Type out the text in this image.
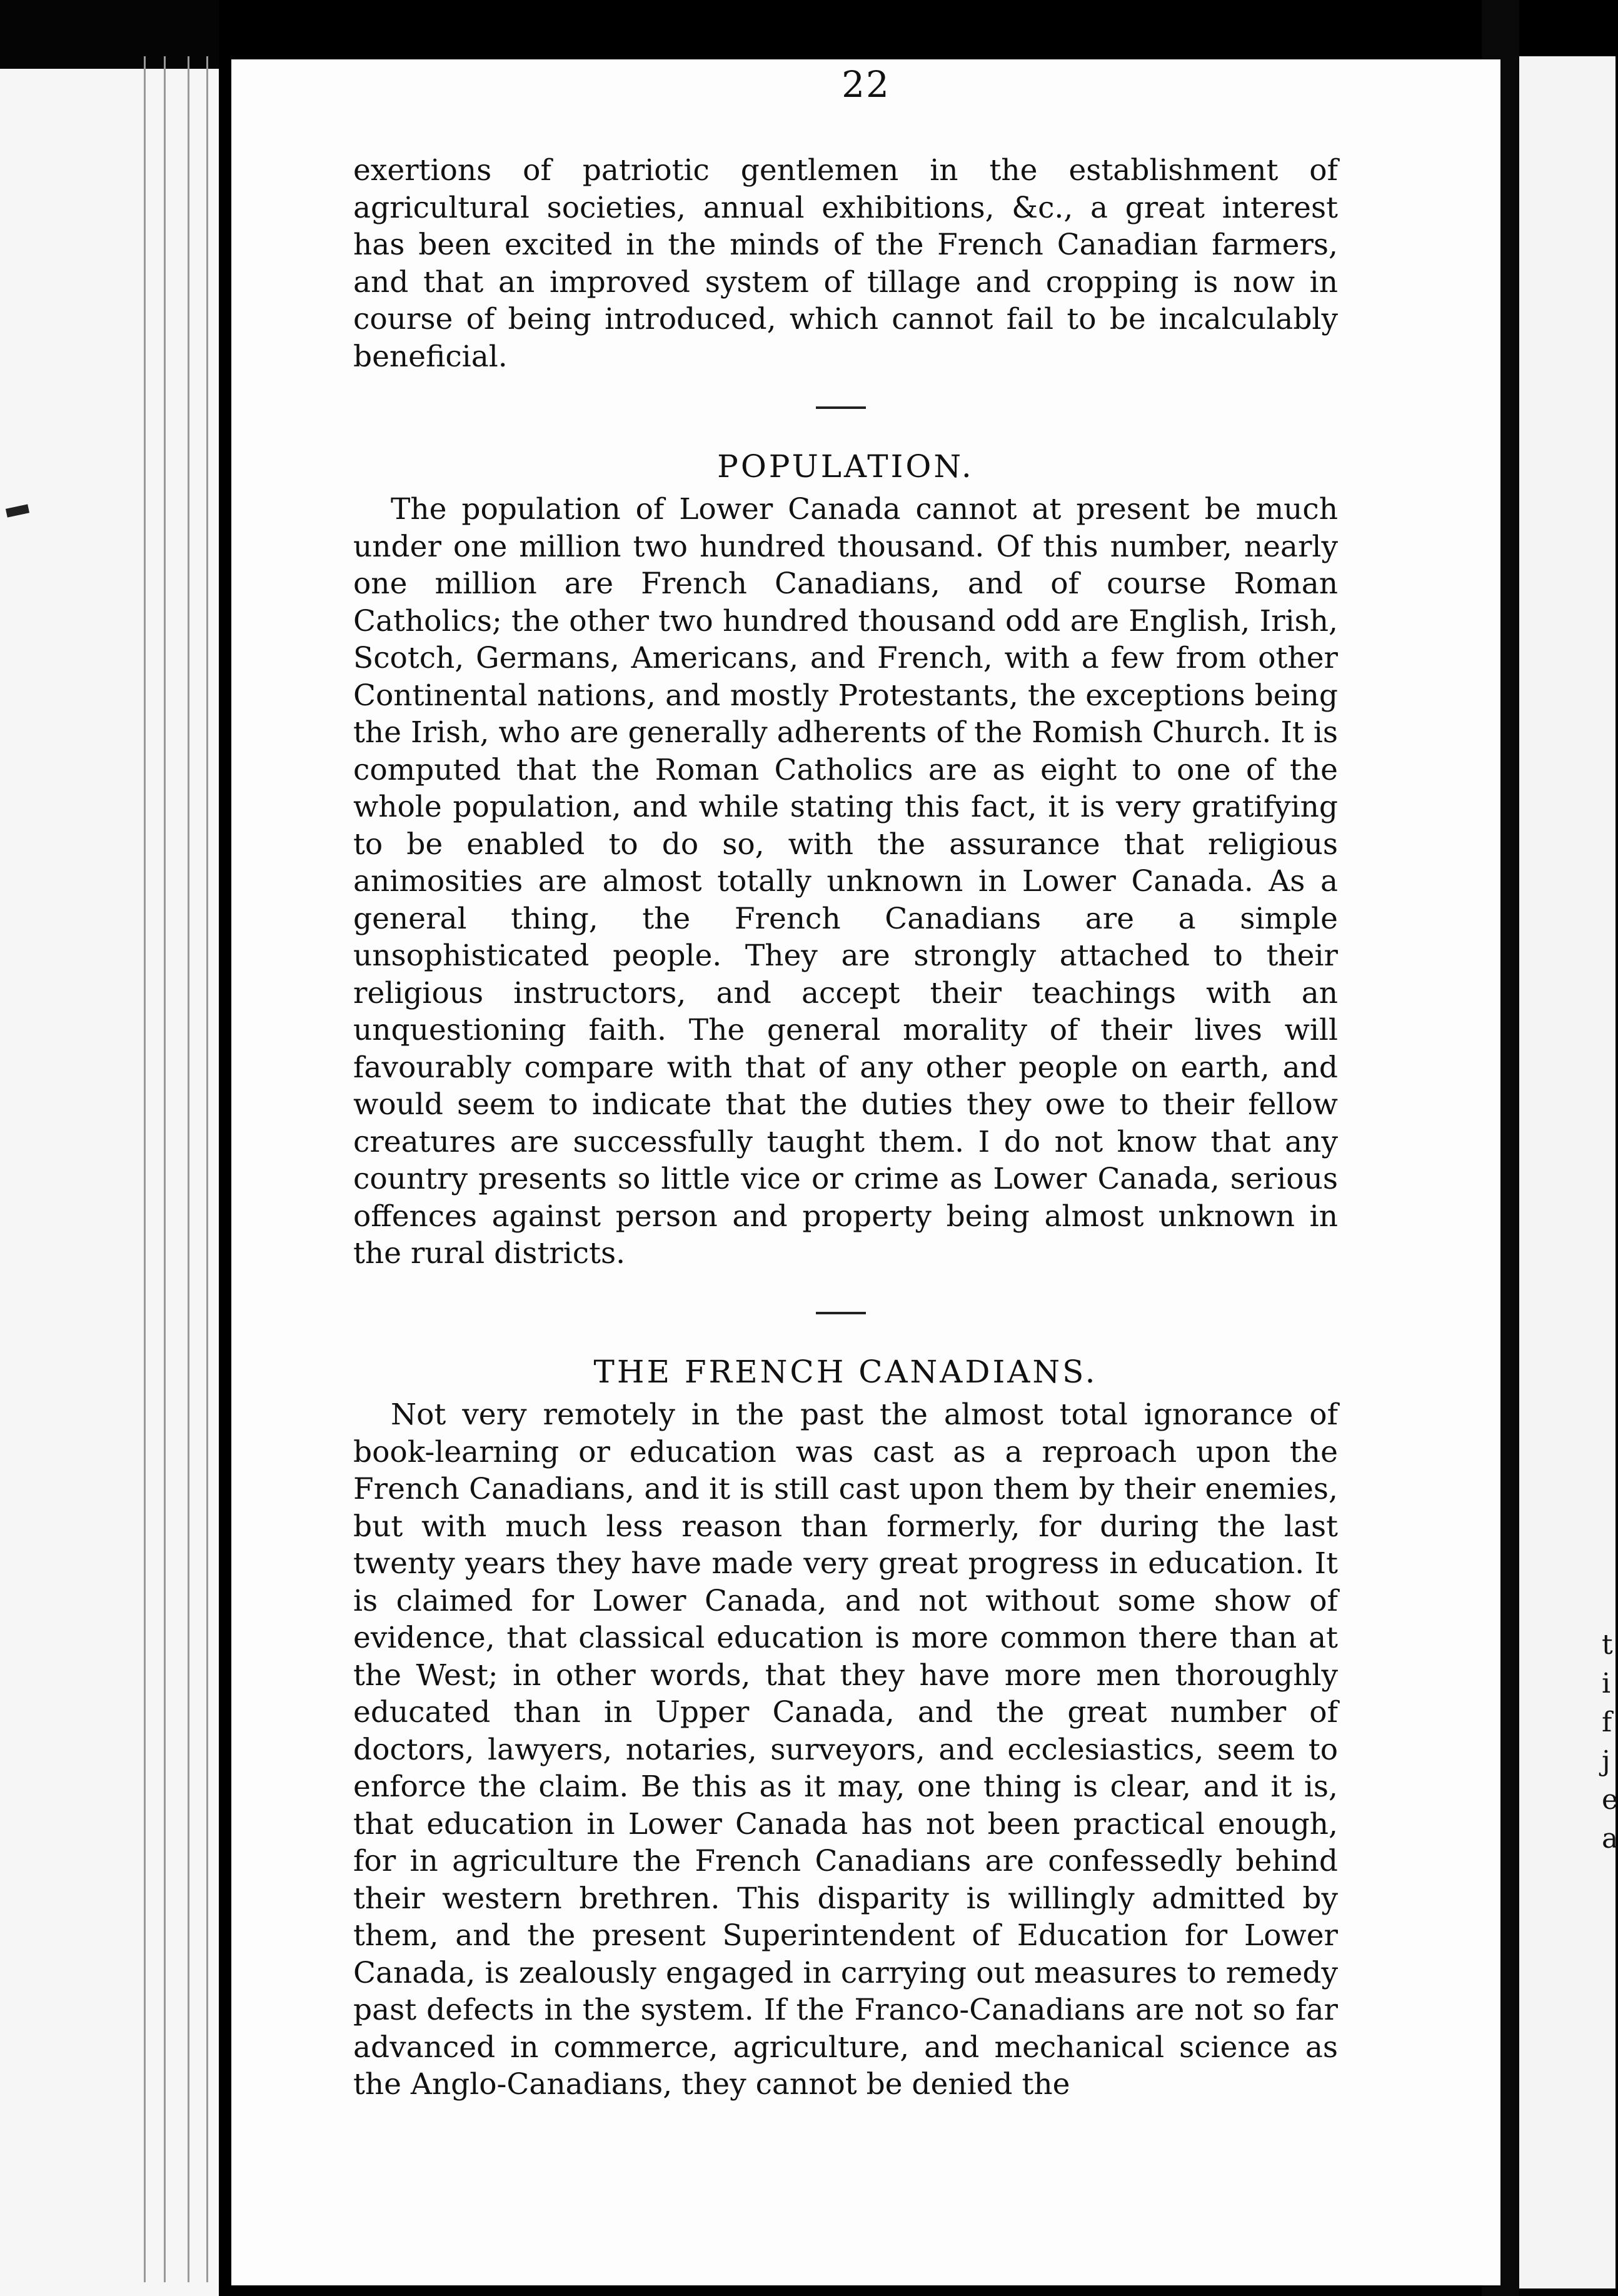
t
i
f
j
e
a
22

exertions of patriotic gentlemen in the establishment of agricultural societies, annual exhibitions, &c., a great interest has been excited in the minds of the French Canadian farmers, and that an improved system of tillage and cropping is now in course of being introduced, which cannot fail to be incalculably beneficial.

POPULATION.

The population of Lower Canada cannot at present be much under one million two hundred thousand. Of this number, nearly one million are French Canadians, and of course Roman Catholics; the other two hundred thousand odd are English, Irish, Scotch, Germans, Americans, and French, with a few from other Continental nations, and mostly Protestants, the exceptions being the Irish, who are generally adherents of the Romish Church. It is computed that the Roman Catholics are as eight to one of the whole population, and while stating this fact, it is very gratifying to be enabled to do so, with the assurance that religious animosities are almost totally unknown in Lower Canada. As a general thing, the French Canadians are a simple unsophisticated people. They are strongly attached to their religious instructors, and accept their teachings with an unquestioning faith. The general morality of their lives will favourably compare with that of any other people on earth, and would seem to indicate that the duties they owe to their fellow creatures are successfully taught them. I do not know that any country presents so little vice or crime as Lower Canada, serious offences against person and property being almost unknown in the rural districts.

THE FRENCH CANADIANS.

Not very remotely in the past the almost total ignorance of book-learning or education was cast as a reproach upon the French Canadians, and it is still cast upon them by their enemies, but with much less reason than formerly, for during the last twenty years they have made very great progress in education. It is claimed for Lower Canada, and not without some show of evidence, that classical education is more common there than at the West; in other words, that they have more men thoroughly educated than in Upper Canada, and the great number of doctors, lawyers, notaries, surveyors, and ecclesiastics, seem to enforce the claim. Be this as it may, one thing is clear, and it is, that education in Lower Canada has not been practical enough, for in agriculture the French Canadians are confessedly behind their western brethren. This disparity is willingly admitted by them, and the present Superintendent of Education for Lower Canada, is zealously engaged in carrying out measures to remedy past defects in the system. If the Franco-Canadians are not so far advanced in commerce, agriculture, and mechanical science as the Anglo-Canadians, they cannot be denied the
